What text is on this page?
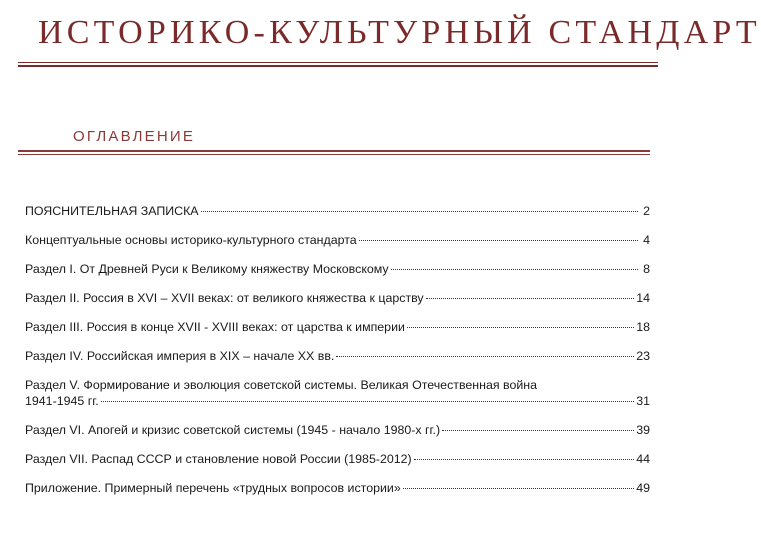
ИСТОРИКО-КУЛЬТУРНЫЙ СТАНДАРТ
ОГЛАВЛЕНИЕ
ПОЯСНИТЕЛЬНАЯ ЗАПИСКА	2
Концептуальные основы историко-культурного стандарта	4
Раздел I. От Древней Руси к Великому княжеству Московскому	8
Раздел II. Россия в XVI – XVII веках: от великого княжества к царству	14
Раздел III. Россия в конце XVII - XVIII веках: от царства к империи	18
Раздел IV. Российская империя в XIX – начале XX вв.	23
Раздел V. Формирование и эволюция советской системы. Великая Отечественная война
1941-1945 гг.	31
Раздел VI. Апогей и кризис советской системы (1945 - начало 1980-х гг.)	39
Раздел VII. Распад СССР и становление новой России (1985-2012)	44
Приложение. Примерный перечень «трудных вопросов истории»	49
